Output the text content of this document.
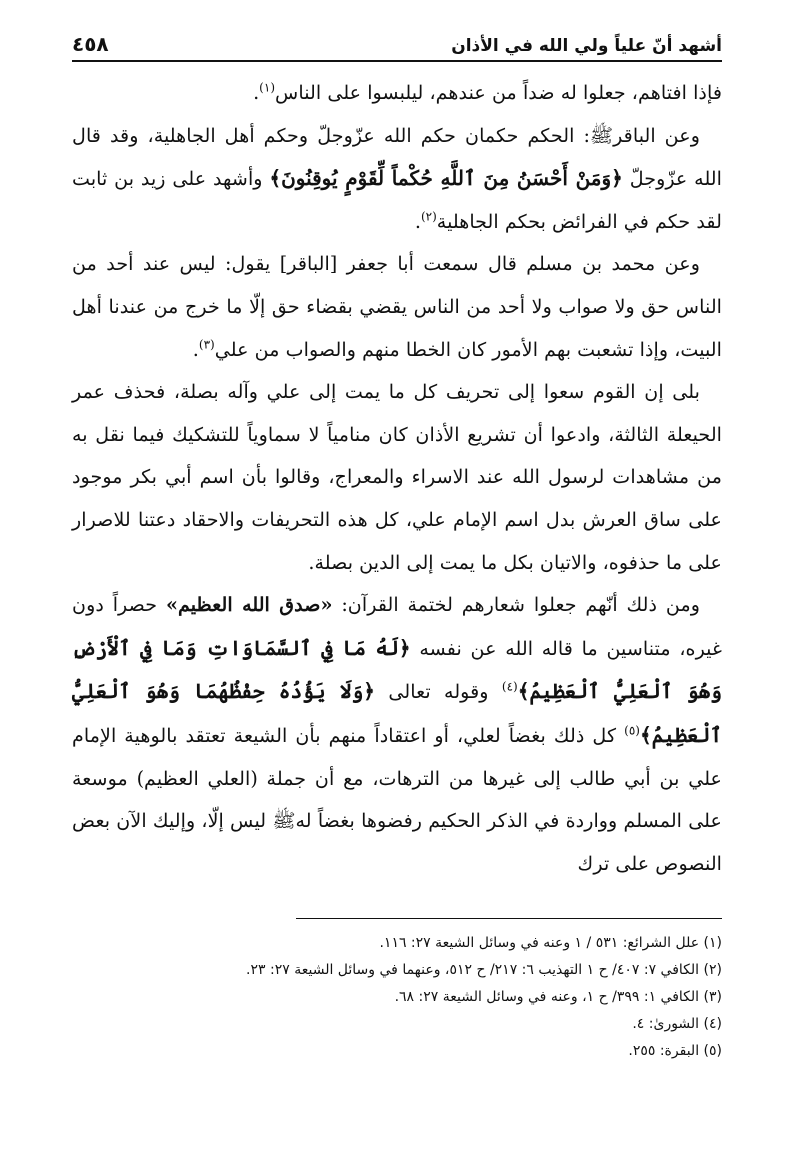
أشهد أنّ علياً ولي الله في الأذان
٤٥٨

فإذا افتاهم، جعلوا له ضداً من عندهم، ليلبسوا على الناس$^{(١)}$.

وعن الباقرﷺ: الحكم حكمان حكم الله عزّوجلّ وحكم أهل الجاهلية، وقد قال الله عزّوجلّ ﴿وَمَنْ أَحْسَنُ مِنَ ٱللَّهِ حُكْماً لِّقَوْمٍ يُوقِنُونَ﴾ وأشهد على زيد بن ثابت لقد حكم في الفرائض بحكم الجاهلية$^{(٢)}$.

وعن محمد بن مسلم قال سمعت أبا جعفر [الباقر] يقول: ليس عند أحد من الناس حق ولا صواب ولا أحد من الناس يقضي بقضاء حق إلّا ما خرج من عندنا أهل البيت، وإذا تشعبت بهم الأمور كان الخطا منهم والصواب من علي$^{(٣)}$.

بلى إن القوم سعوا إلى تحريف كل ما يمت إلى علي وآله بصلة، فحذف عمر الحيعلة الثالثة، وادعوا أن تشريع الأذان كان منامياً لا سماوياً للتشكيك فيما نقل به من مشاهدات لرسول الله عند الاسراء والمعراج، وقالوا بأن اسم أبي بكر موجود على ساق العرش بدل اسم الإمام علي، كل هذه التحريفات والاحقاد دعتنا للاصرار على ما حذفوه، والاتيان بكل ما يمت إلى الدين بصلة.

ومن ذلك أنّهم جعلوا شعارهم لختمة القرآن: «صدق الله العظيم» حصراً دون غيره، متناسين ما قاله الله عن نفسه ﴿لَهُ مَا فِي ٱلسَّمَاوَاتِ وَمَا فِي ٱلْأَرْضِ وَهُوَ ٱلْعَلِيُّ ٱلْعَظِيمُ﴾$^{(٤)}$ وقوله تعالى ﴿وَلَا يَؤُدُهُ حِفْظُهُمَا وَهُوَ ٱلْعَلِيُّ ٱلْعَظِيمُ﴾$^{(٥)}$ كل ذلك بغضاً لعلي، أو اعتقاداً منهم بأن الشيعة تعتقد بالوهية الإمام علي بن أبي طالب إلى غيرها من الترهات، مع أن جملة (العلي العظيم) موسعة على المسلم وواردة في الذكر الحكيم رفضوها بغضاً لهﷺ ليس إلّا، وإليك الآن بعض النصوص على ترك

(١) علل الشرائع: ٥٣١ / ١ وعنه في وسائل الشيعة ٢٧: ١١٦.

(٢) الكافي ٧: ٤٠٧/ ح ١ التهذيب ٦: ٢١٧/ ح ٥١٢، وعنهما في وسائل الشيعة ٢٧: ٢٣.

(٣) الكافي ١: ٣٩٩/ ح ١، وعنه في وسائل الشيعة ٢٧: ٦٨.

(٤) الشورىٰ: ٤.

(٥) البقرة: ٢٥٥.
